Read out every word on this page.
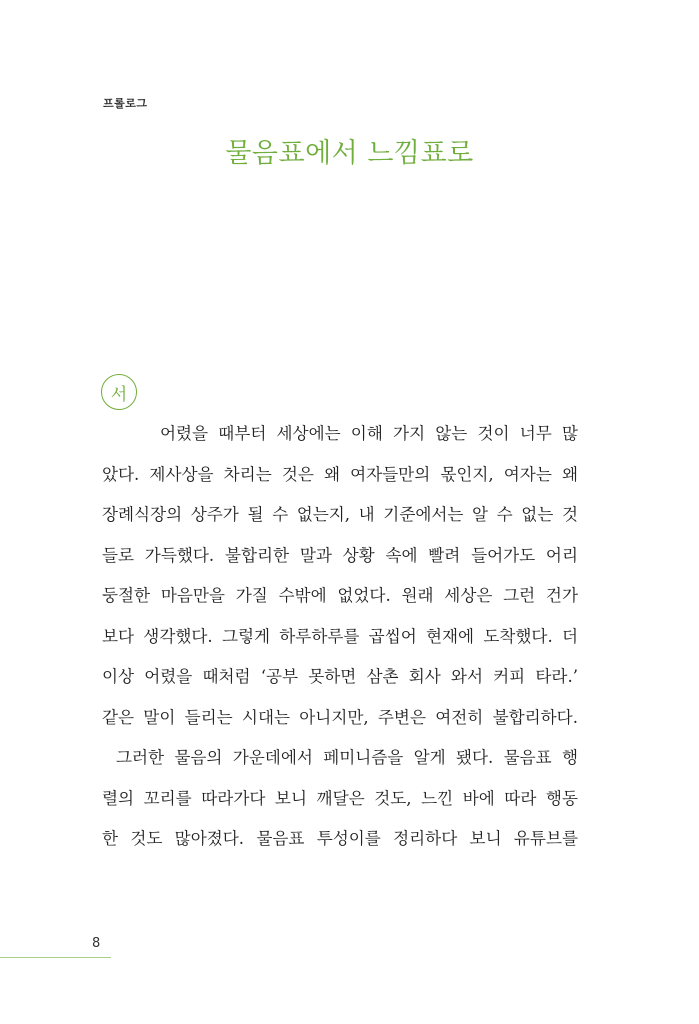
프롤로그
물음표에서 느낌표로
서
어렸을 때부터 세상에는 이해 가지 않는 것이 너무 많
았다. 제사상을 차리는 것은 왜 여자들만의 몫인지, 여자는 왜
장례식장의 상주가 될 수 없는지, 내 기준에서는 알 수 없는 것
들로 가득했다. 불합리한 말과 상황 속에 빨려 들어가도 어리
둥절한 마음만을 가질 수밖에 없었다. 원래 세상은 그런 건가
보다 생각했다. 그렇게 하루하루를 곱씹어 현재에 도착했다. 더
이상 어렸을 때처럼 ‘공부 못하면 삼촌 회사 와서 커피 타라.’
같은 말이 들리는 시대는 아니지만, 주변은 여전히 불합리하다.
그러한 물음의 가운데에서 페미니즘을 알게 됐다. 물음표 행
렬의 꼬리를 따라가다 보니 깨달은 것도, 느낀 바에 따라 행동
한 것도 많아졌다. 물음표 투성이를 정리하다 보니 유튜브를
8
